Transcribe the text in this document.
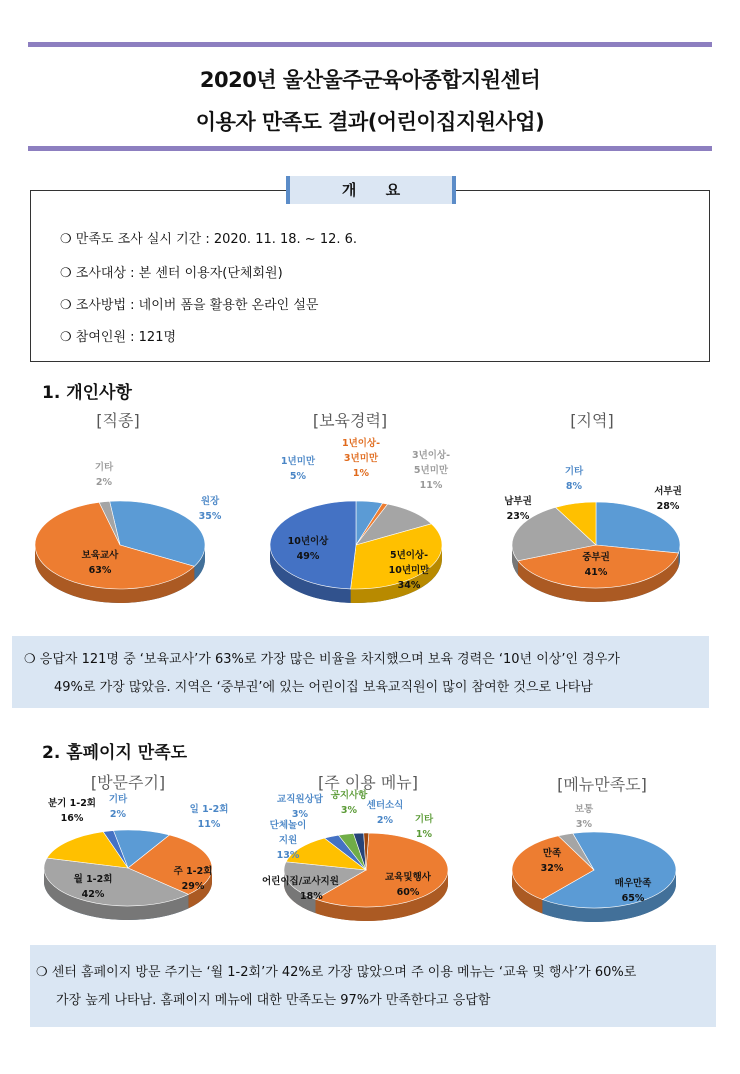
2020년 울산울주군육아종합지원센터
이용자 만족도 결과(어린이집지원사업)
개 요
❍ 만족도 조사 실시 기간 : 2020. 11. 18. ~ 12. 6.
❍ 조사대상 : 본 센터 이용자(단체회원)
❍ 조사방법 : 네이버 폼을 활용한 온라인 설문
❍ 참여인원 : 121명
1. 개인사항
[직종]	[보육경력]	[지역]
원장
35%
보육교사
63%
기타
2%
1년미만
5%
1년이상-
3년미만
1%
3년이상-
5년미만
11%
5년이상-
10년미만
34%
10년이상
49%
서부권
28%
중부권
41%
남부권
23%
기타
8%
❍ 응답자 121명 중 ‘보육교사’가 63%로 가장 많은 비율을 차지했으며 보육 경력은 ‘10년 이상’인 경우가
49%로 가장 많았음. 지역은 ‘중부권’에 있는 어린이집 보육교직원이 많이 참여한 것으로 나타남
2. 홈페이지 만족도
[방문주기]	[주 이용 메뉴]	[메뉴만족도]
일 1-2회
11%
주 1-2회
29%
월 1-2회
42%
분기 1-2회
16%
기타
2%
교육및행사
60%
어린이집/교사지원
18%
단체놀이
지원
13%
교직원상담
3%
공지사항
3%	센터소식
2%	기타
1%
매우만족
65%
만족
32%
보통
3%
❍ 센터 홈페이지 방문 주기는 ‘월 1-2회’가 42%로 가장 많았으며 주 이용 메뉴는 ‘교육 및 행사’가 60%로
가장 높게 나타남. 홈페이지 메뉴에 대한 만족도는 97%가 만족한다고 응답함
